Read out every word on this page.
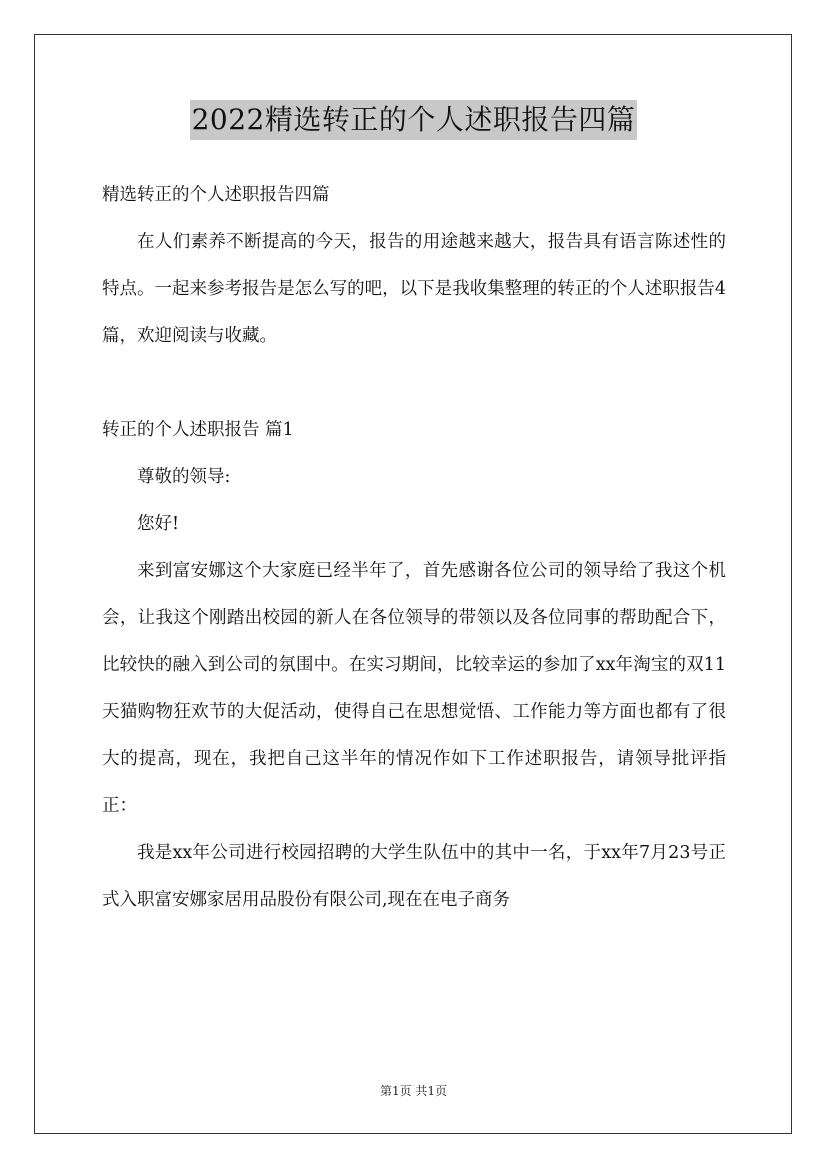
2022精选转正的个人述职报告四篇

精选转正的个人述职报告四篇

在人们素养不断提高的今天，报告的用途越来越大，报告具有语言陈述性的特点。一起来参考报告是怎么写的吧，以下是我收集整理的转正的个人述职报告4篇，欢迎阅读与收藏。

转正的个人述职报告 篇1

尊敬的领导:

您好!

来到富安娜这个大家庭已经半年了，首先感谢各位公司的领导给了我这个机会，让我这个刚踏出校园的新人在各位领导的带领以及各位同事的帮助配合下，比较快的融入到公司的氛围中。在实习期间，比较幸运的参加了xx年淘宝的双11天猫购物狂欢节的大促活动，使得自己在思想觉悟、工作能力等方面也都有了很大的提高，现在，我把自己这半年的情况作如下工作述职报告，请领导批评指正：

我是xx年公司进行校园招聘的大学生队伍中的其中一名，于xx年7月23号正式入职富安娜家居用品股份有限公司,现在在电子商务

第1页 共1页
